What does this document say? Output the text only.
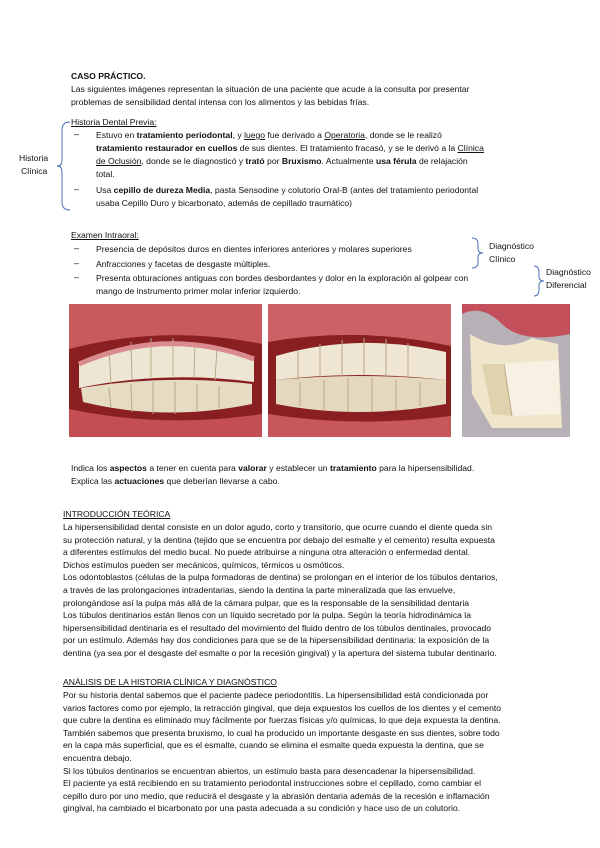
CASO PRÁCTICO.
Las siguientes imágenes representan la situación de una paciente que acude a la consulta por presentar
problemas de sensibilidad dental intensa con los alimentos y las bebidas frías.
Historia Dental Previa:
Historia
Clínica
– Estuvo en tratamiento periodontal, y luego fue derivado a Operatoria, donde se le realizó
tratamiento restaurador en cuellos de sus dientes. El tratamiento fracasó, y se le derivó a la Clínica
de Oclusión, donde se le diagnosticó y trató por Bruxismo. Actualmente usa férula de relajación
total.
– Usa cepillo de dureza Media, pasta Sensodine y colutorio Oral-B (antes del tratamiento periodontal
usaba Cepillo Duro y bicarbonato, además de cepillado traumático)
Examen Intraoral:
– Presencia de depósitos duros en dientes inferiores anteriores y molares superiores
– Anfracciones y facetas de desgaste múltiples.
– Presenta obturaciones antiguas con bordes desbordantes y dolor en la exploración al golpear con
mango de instrumento primer molar inferior izquierdo.
Diagnóstico
Clínico
Diagnóstico
Diferencial
Indica los aspectos a tener en cuenta para valorar y establecer un tratamiento para la hipersensibilidad.
Explica las actuaciones que deberían llevarse a cabo.
INTRODUCCIÓN TEÓRICA
La hipersensibilidad dental consiste en un dolor agudo, corto y transitorio, que ocurre cuando el diente queda sin
su protección natural, y la dentina (tejido que se encuentra por debajo del esmalte y el cemento) resulta expuesta
a diferentes estímulos del medio bucal. No puede atribuirse a ninguna otra alteración o enfermedad dental.
Dichos estímulos pueden ser mecánicos, químicos, térmicos u osmóticos.
Los odontoblastos (células de la pulpa formadoras de dentina) se prolongan en el interior de los túbulos dentarios,
a través de las prolongaciones intradentarias, siendo la dentina la parte mineralizada que las envuelve,
prolongándose así la pulpa más allá de la cámara pulpar, que es la responsable de la sensibilidad dentaria
Los túbulos dentinarios están llenos con un líquido secretado por la pulpa. Según la teoría hidrodinámica la
hipersensibilidad dentinaria es el resultado del movimiento del fluido dentro de los túbulos dentinales, provocado
por un estímulo. Además hay dos condiciones para que se de la hipersensibilidad dentinaria: la exposición de la
dentina (ya sea por el desgaste del esmalte o por la recesión gingival) y la apertura del sistema tubular dentinario.
ANÁLISIS DE LA HISTORIA CLÍNICA Y DIAGNÓSTICO
Por su historia dental sabemos que el paciente padece periodontitis. La hipersensibilidad está condicionada por
varios factores como por ejemplo, la retracción gingival, que deja expuestos los cuellos de los dientes y el cemento
que cubre la dentina es eliminado muy fácilmente por fuerzas físicas y/o químicas, lo que deja expuesta la dentina.
También sabemos que presenta bruxismo, lo cual ha producido un importante desgaste en sus dientes, sobre todo
en la capa más superficial, que es el esmalte, cuando se elimina el esmalte queda expuesta la dentina, que se
encuentra debajo.
Si los túbulos dentinarios se encuentran abiertos, un estímulo basta para desencadenar la hipersensibilidad.
El paciente ya está recibiendo en su tratamiento periodontal instrucciones sobre el cepillado, como cambiar el
cepillo duro por uno medio, que reducirá el desgaste y la abrasión dentaria además de la recesión e inflamación
gingival, ha cambiado el bicarbonato por una pasta adecuada a su condición y hace uso de un colutorio.
